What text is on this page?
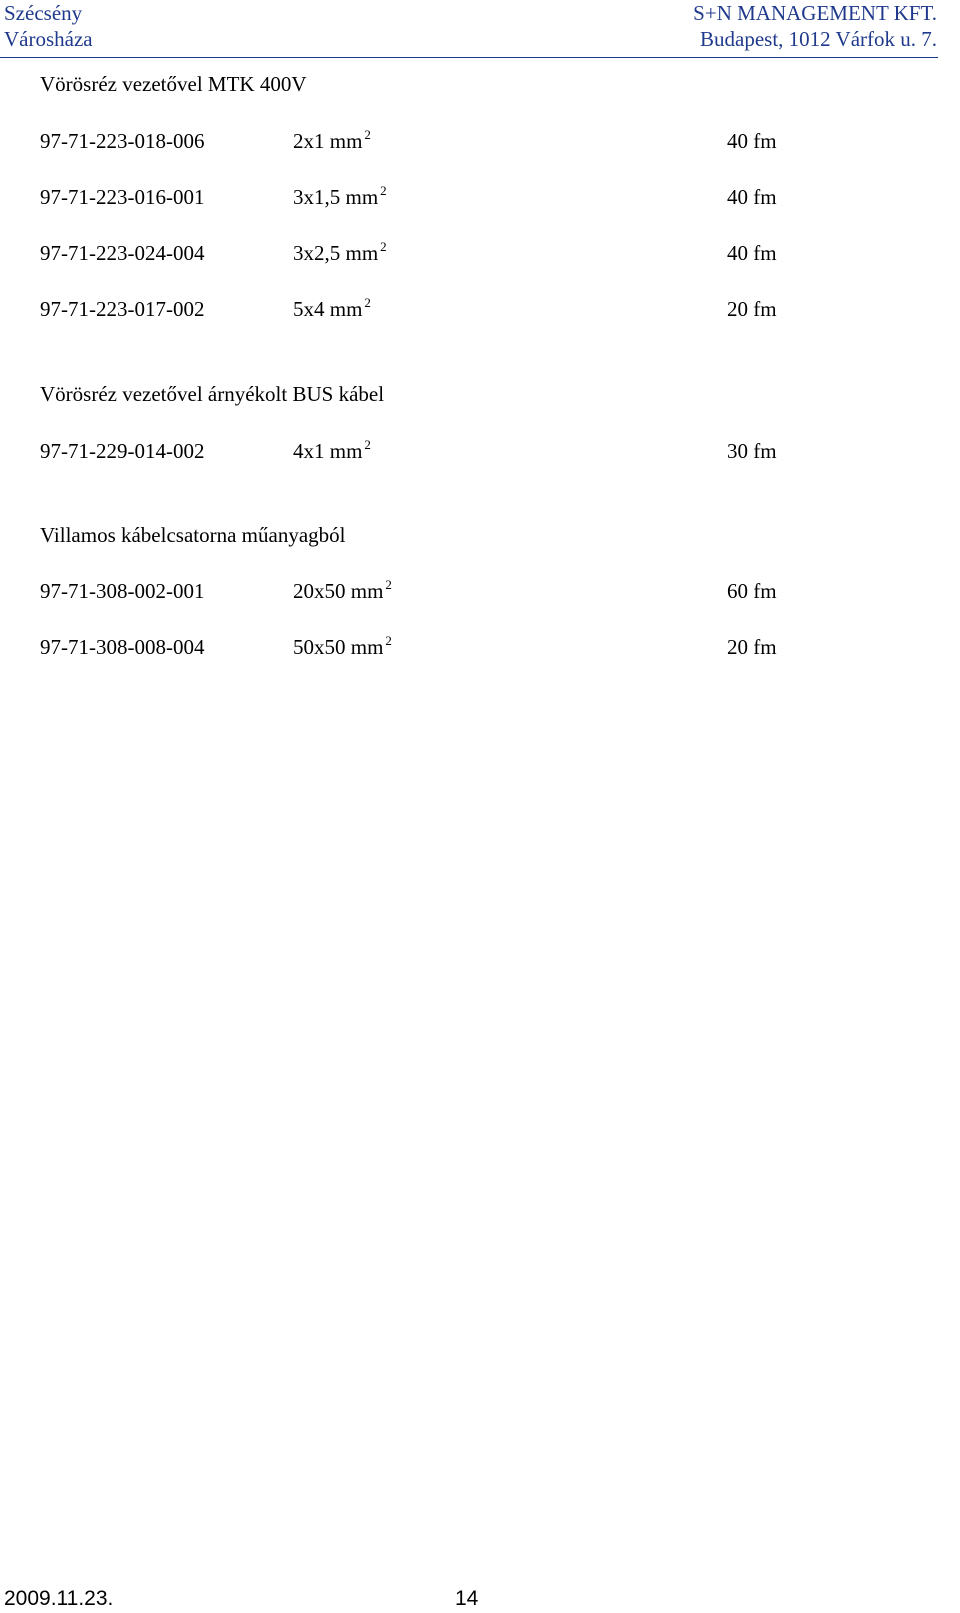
Szécsény
Városháza
S+N MANAGEMENT KFT.
Budapest, 1012 Várfok u. 7.
Vörösréz vezetővel MTK 400V
97-71-223-018-006	2x1 mm $^2$	40 fm
97-71-223-016-001	3x1,5 mm $^2$	40 fm
97-71-223-024-004	3x2,5 mm $^2$	40 fm
97-71-223-017-002	5x4 mm $^2$	20 fm
Vörösréz vezetővel árnyékolt BUS kábel
97-71-229-014-002	4x1 mm $^2$	30 fm
Villamos kábelcsatorna műanyagból
97-71-308-002-001	20x50 mm $^2$	60 fm
97-71-308-008-004	50x50 mm $^2$	20 fm
2009.11.23.	14
